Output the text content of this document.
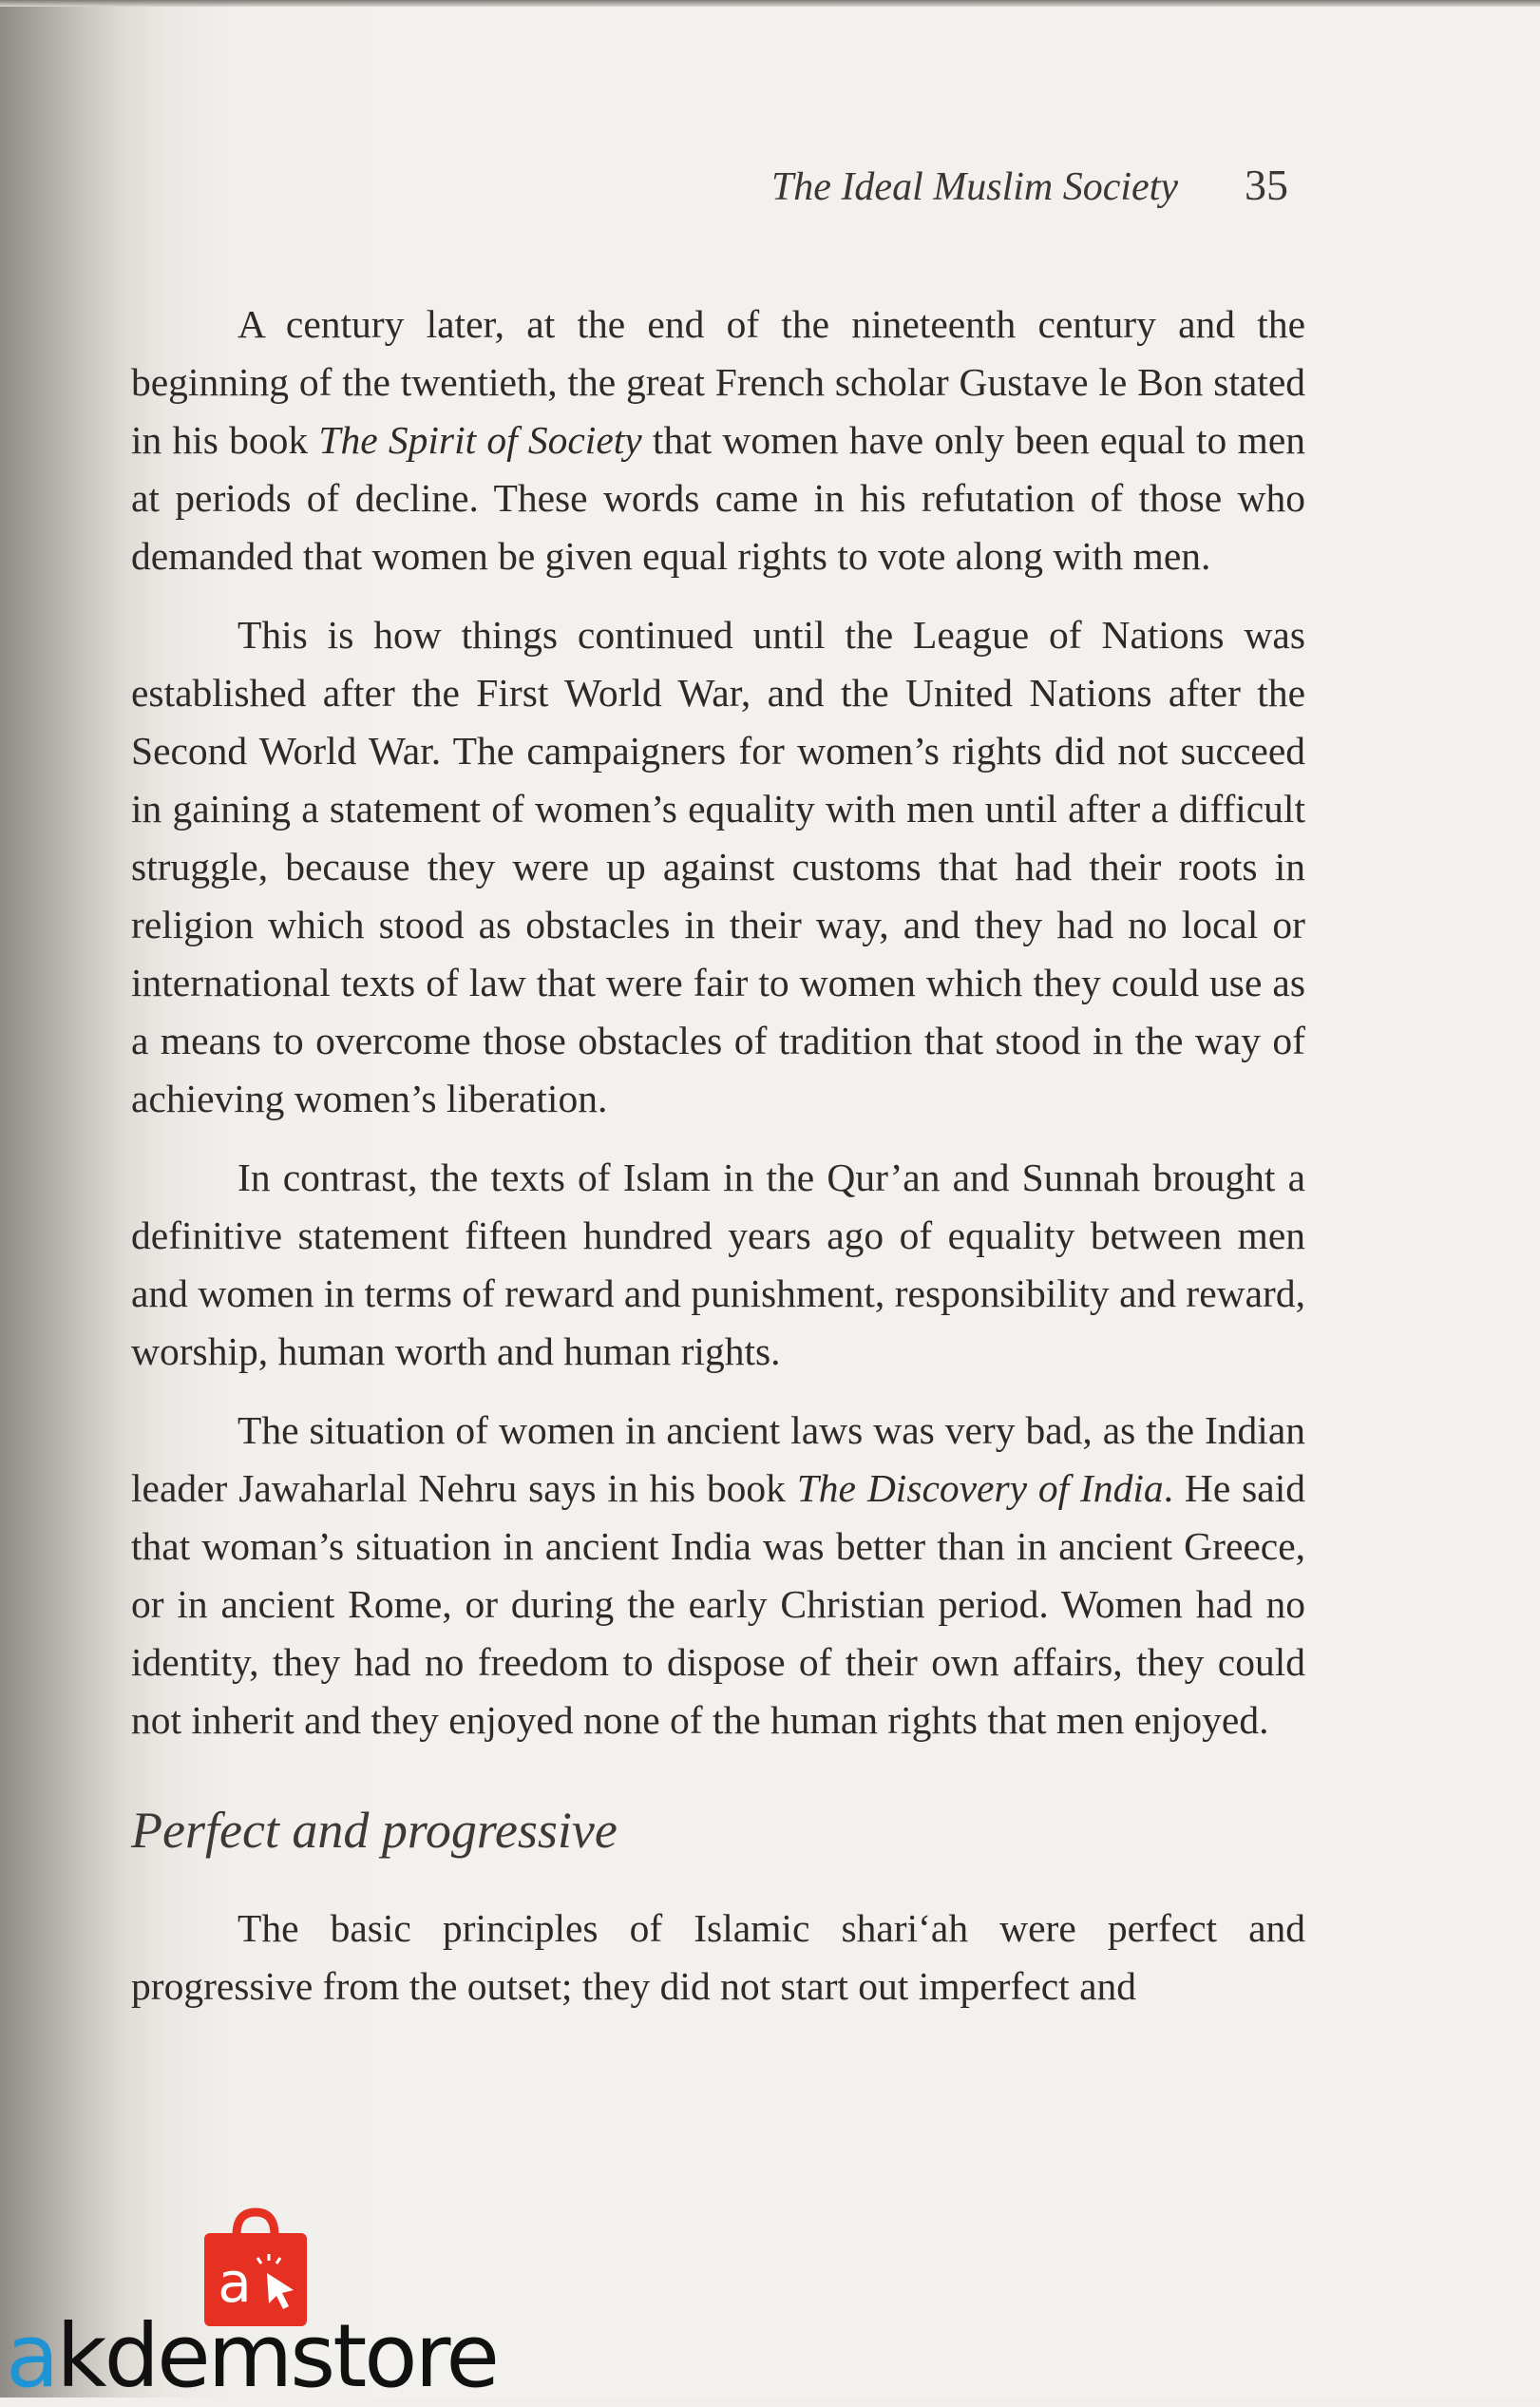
The Ideal Muslim Society 35

A century later, at the end of the nineteenth century and the beginning of the twentieth, the great French scholar Gustave le Bon stated in his book The Spirit of Society that women have only been equal to men at periods of decline. These words came in his refutation of those who demanded that women be given equal rights to vote along with men.

This is how things continued until the League of Nations was established after the First World War, and the United Nations after the Second World War. The campaigners for women’s rights did not succeed in gaining a statement of women’s equality with men until after a difficult struggle, because they were up against customs that had their roots in religion which stood as obstacles in their way, and they had no local or international texts of law that were fair to women which they could use as a means to overcome those obstacles of tradition that stood in the way of achieving women’s liberation.

In contrast, the texts of Islam in the Qur’an and Sunnah brought a definitive statement fifteen hundred years ago of equality between men and women in terms of reward and punishment, responsibility and reward, worship, human worth and human rights.

The situation of women in ancient laws was very bad, as the Indian leader Jawaharlal Nehru says in his book The Discovery of India. He said that woman’s situation in ancient India was better than in ancient Greece, or in ancient Rome, or during the early Christian period. Women had no identity, they had no freedom to dispose of their own affairs, they could not inherit and they enjoyed none of the human rights that men enjoyed.

Perfect and progressive

The basic principles of Islamic shari‘ah were perfect and progressive from the outset; they did not start out imperfect and

a
akdemstore
